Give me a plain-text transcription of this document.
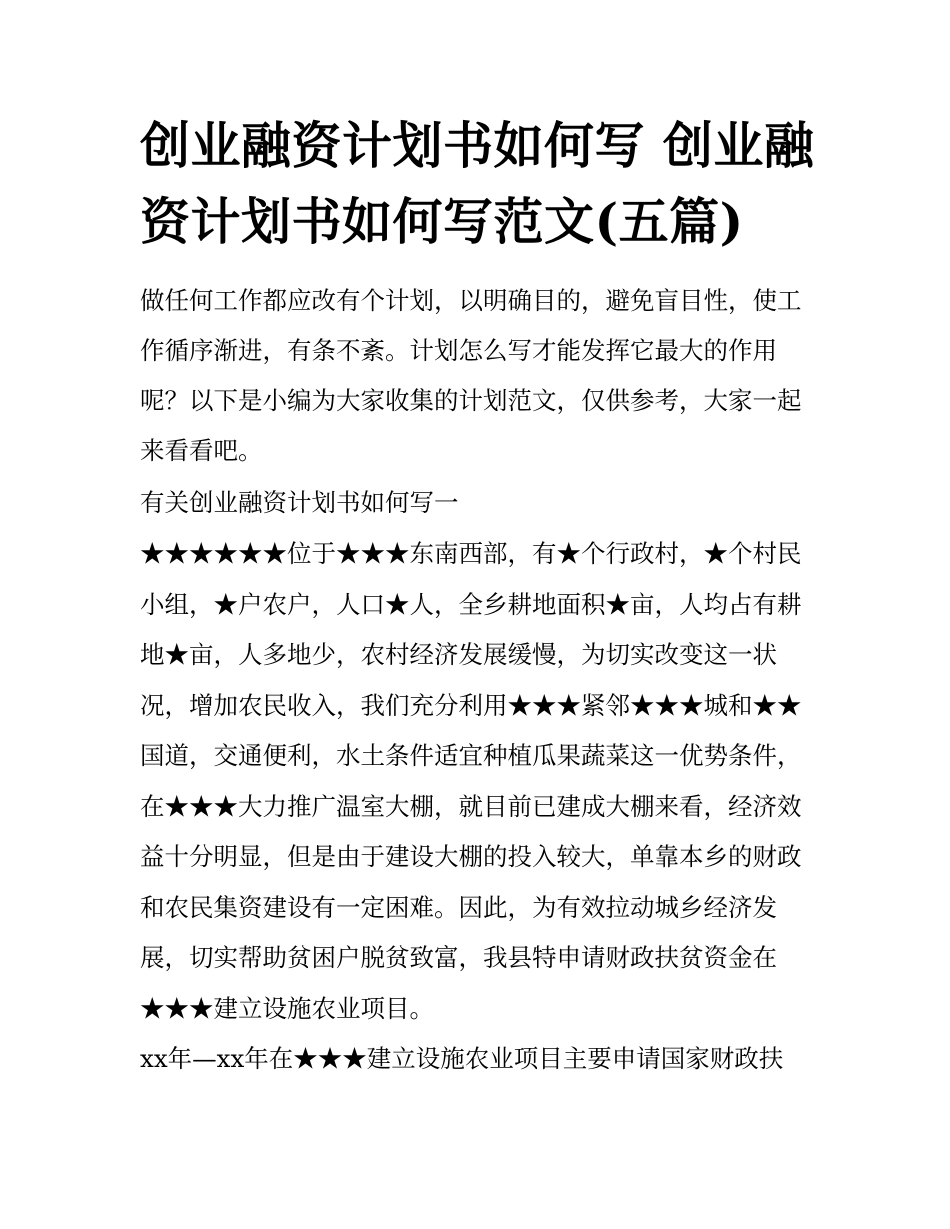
创业融资计划书如何写 创业融
资计划书如何写范文(五篇)

做任何工作都应改有个计划，以明确目的，避免盲目性，使工

作循序渐进，有条不紊。计划怎么写才能发挥它最大的作用

呢？以下是小编为大家收集的计划范文，仅供参考，大家一起

来看看吧。

有关创业融资计划书如何写一

★★★★★★位于★★★东南西部，有★个行政村，★个村民

小组，★户农户，人口★人，全乡耕地面积★亩，人均占有耕

地★亩，人多地少，农村经济发展缓慢，为切实改变这一状

况，增加农民收入，我们充分利用★★★紧邻★★★城和★★

国道，交通便利，水土条件适宜种植瓜果蔬菜这一优势条件，

在★★★大力推广温室大棚，就目前已建成大棚来看，经济效

益十分明显，但是由于建设大棚的投入较大，单靠本乡的财政

和农民集资建设有一定困难。因此，为有效拉动城乡经济发

展，切实帮助贫困户脱贫致富，我县特申请财政扶贫资金在

★★★建立设施农业项目。

xx年—xx年在★★★建立设施农业项目主要申请国家财政扶
